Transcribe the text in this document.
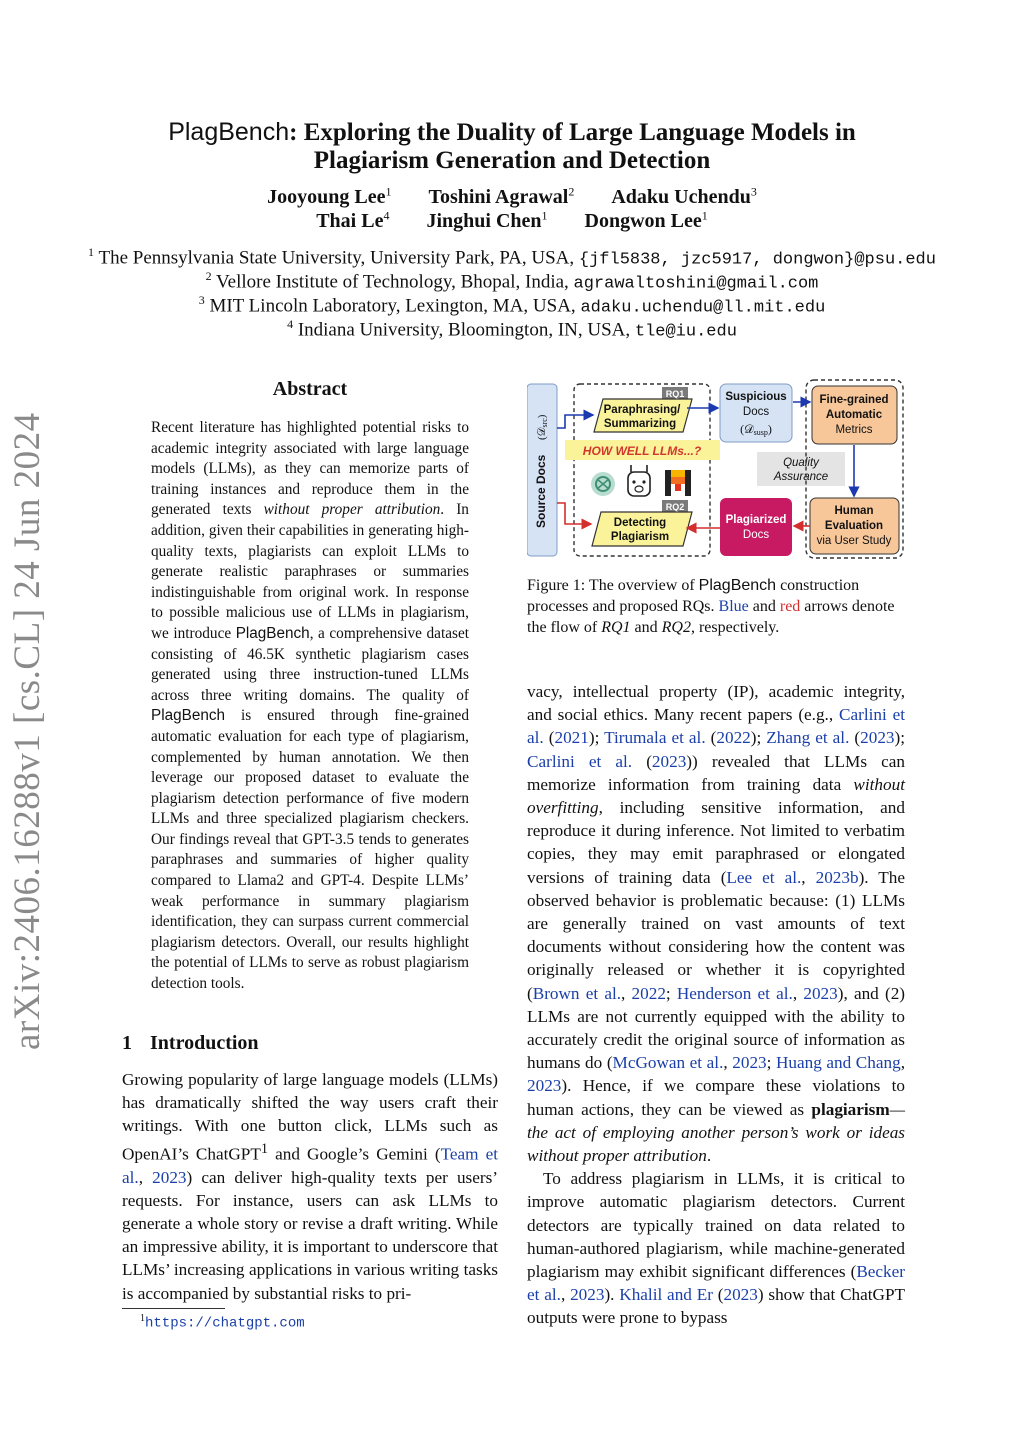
arXiv:2406.16288v1 [cs.CL] 24 Jun 2024
PlagBench: Exploring the Duality of Large Language Models in
Plagiarism Generation and Detection
Jooyoung Lee$^1$ Toshini Agrawal$^2$ Adaku Uchendu$^3$
Thai Le$^4$ Jinghui Chen$^1$ Dongwon Lee$^1$
$^1$ The Pennsylvania State University, University Park, PA, USA, {jfl5838, jzc5917, dongwon}@psu.edu
$^2$ Vellore Institute of Technology, Bhopal, India, agrawaltoshini@gmail.com
$^3$ MIT Lincoln Laboratory, Lexington, MA, USA, adaku.uchendu@ll.mit.edu
$^4$ Indiana University, Bloomington, IN, USA, tle@iu.edu
Abstract
Recent literature has highlighted potential risks to academic integrity associated with large language models (LLMs), as they can memorize parts of training instances and reproduce them in the generated texts without proper attribution. In addition, given their capabilities in generating high-quality texts, plagiarists can exploit LLMs to generate realistic paraphrases or summaries indistinguishable from original work. In response to possible malicious use of LLMs in plagiarism, we introduce PlagBench, a comprehensive dataset consisting of 46.5K synthetic plagiarism cases generated using three instruction-tuned LLMs across three writing domains. The quality of PlagBench is ensured through fine-grained automatic evaluation for each type of plagiarism, complemented by human annotation. We then leverage our proposed dataset to evaluate the plagiarism detection performance of five modern LLMs and three specialized plagiarism checkers. Our findings reveal that GPT-3.5 tends to generates paraphrases and summaries of higher quality compared to Llama2 and GPT-4. Despite LLMs’ weak performance in summary plagiarism identification, they can surpass current commercial plagiarism detectors. Overall, our results highlight the potential of LLMs to serve as robust plagiarism detection tools.
1 Introduction
Growing popularity of large language models (LLMs) has dramatically shifted the way users craft their writings. With one button click, LLMs such as OpenAI’s ChatGPT$^1$ and Google’s Gemini (Team et al., 2023) can deliver high-quality texts per users’ requests. For instance, users can ask LLMs to generate a whole story or revise a draft writing. While an impressive ability, it is important to underscore that LLMs’ increasing applications in various writing tasks is accompanied by substantial risks to pri-
$^1$https://chatgpt.com
Source Docs
(𝒟src)
RQ1
Paraphrasing/
Summarizing
HOW WELL LLMs...?
RQ2
Detecting
Plagiarism
Suspicious
Docs
(𝒟susp)
Quality
Assurance
Plagiarized
Docs
Fine-grained
Automatic
Metrics
Human
Evaluation
via User Study
Figure 1: The overview of PlagBench construction processes and proposed RQs. Blue and red arrows denote the flow of RQ1 and RQ2, respectively.

vacy, intellectual property (IP), academic integrity, and social ethics. Many recent papers (e.g., Carlini et al. (2021); Tirumala et al. (2022); Zhang et al. (2023); Carlini et al. (2023)) revealed that LLMs can memorize information from training data without overfitting, including sensitive information, and reproduce it during inference. Not limited to verbatim copies, they may emit paraphrased or elongated versions of training data (Lee et al., 2023b). The observed behavior is problematic because: (1) LLMs are generally trained on vast amounts of text documents without considering how the content was originally released or whether it is copyrighted (Brown et al., 2022; Henderson et al., 2023), and (2) LLMs are not currently equipped with the ability to accurately credit the original source of information as humans do (McGowan et al., 2023; Huang and Chang, 2023). Hence, if we compare these violations to human actions, they can be viewed as plagiarism—the act of employing another person’s work or ideas without proper attribution.

To address plagiarism in LLMs, it is critical to improve automatic plagiarism detectors. Current detectors are typically trained on data related to human-authored plagiarism, while machine-generated plagiarism may exhibit significant differences (Becker et al., 2023). Khalil and Er (2023) show that ChatGPT outputs were prone to bypass
